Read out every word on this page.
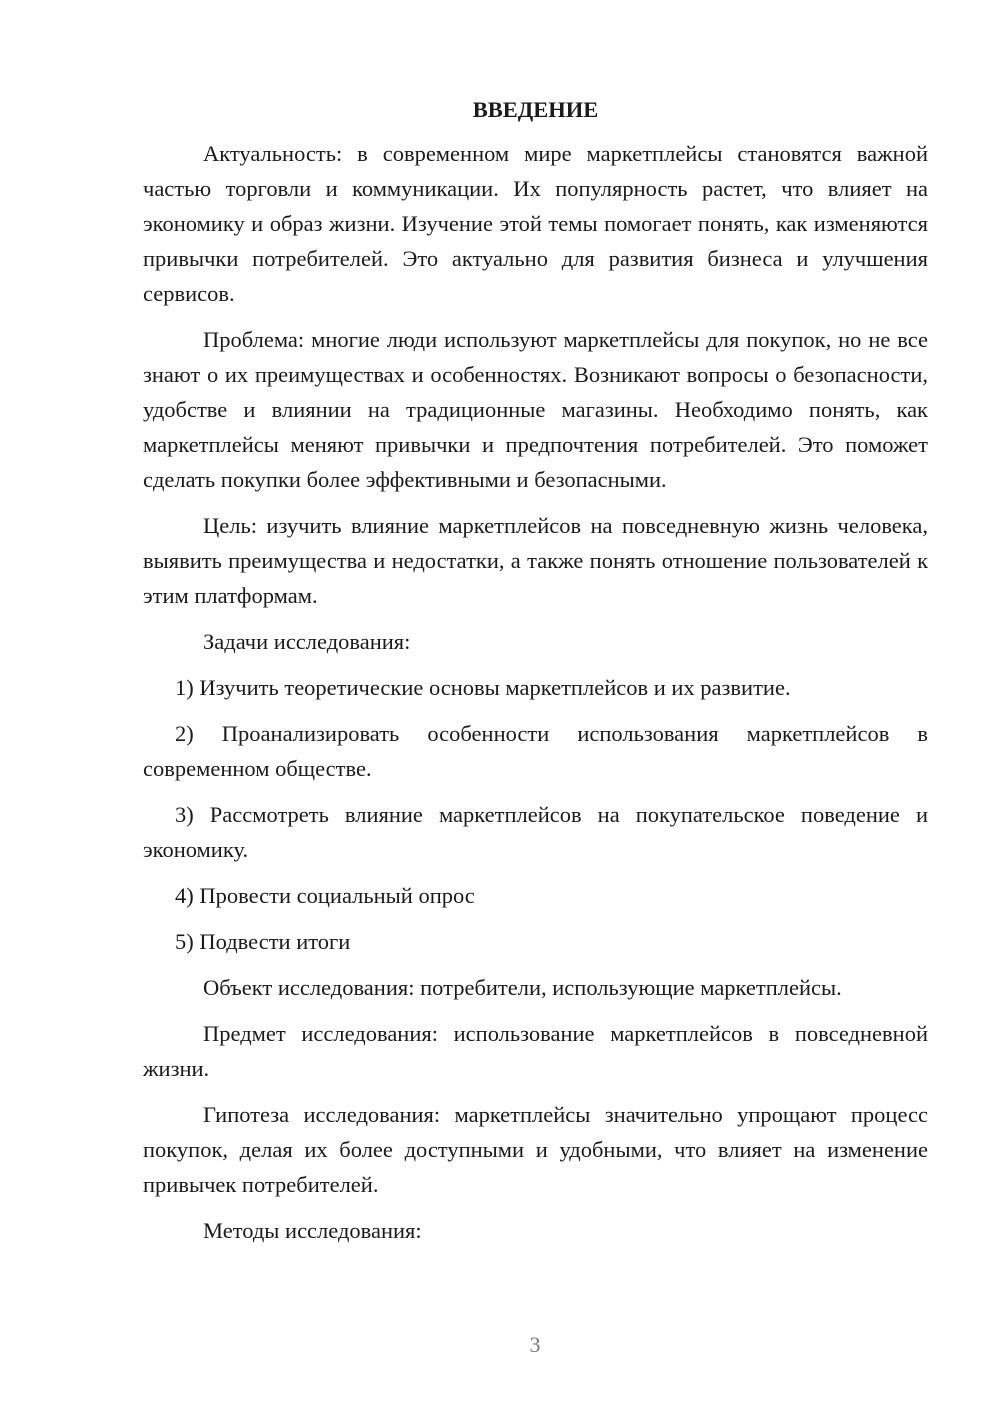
ВВЕДЕНИЕ
Актуальность: в современном мире маркетплейсы становятся важной частью торговли и коммуникации. Их популярность растет, что влияет на экономику и образ жизни. Изучение этой темы помогает понять, как изменяются привычки потребителей. Это актуально для развития бизнеса и улучшения сервисов.
Проблема: многие люди используют маркетплейсы для покупок, но не все знают о их преимуществах и особенностях. Возникают вопросы о безопасности, удобстве и влиянии на традиционные магазины. Необходимо понять, как маркетплейсы меняют привычки и предпочтения потребителей. Это поможет сделать покупки более эффективными и безопасными.
Цель: изучить влияние маркетплейсов на повседневную жизнь человека, выявить преимущества и недостатки, а также понять отношение пользователей к этим платформам.
Задачи исследования:
1) Изучить теоретические основы маркетплейсов и их развитие.
2) Проанализировать особенности использования маркетплейсов в современном обществе.
3) Рассмотреть влияние маркетплейсов на покупательское поведение и экономику.
4) Провести социальный опрос
5) Подвести итоги
Объект исследования: потребители, использующие маркетплейсы.
Предмет исследования: использование маркетплейсов в повседневной жизни.
Гипотеза исследования: маркетплейсы значительно упрощают процесс покупок, делая их более доступными и удобными, что влияет на изменение привычек потребителей.
Методы исследования:
3
